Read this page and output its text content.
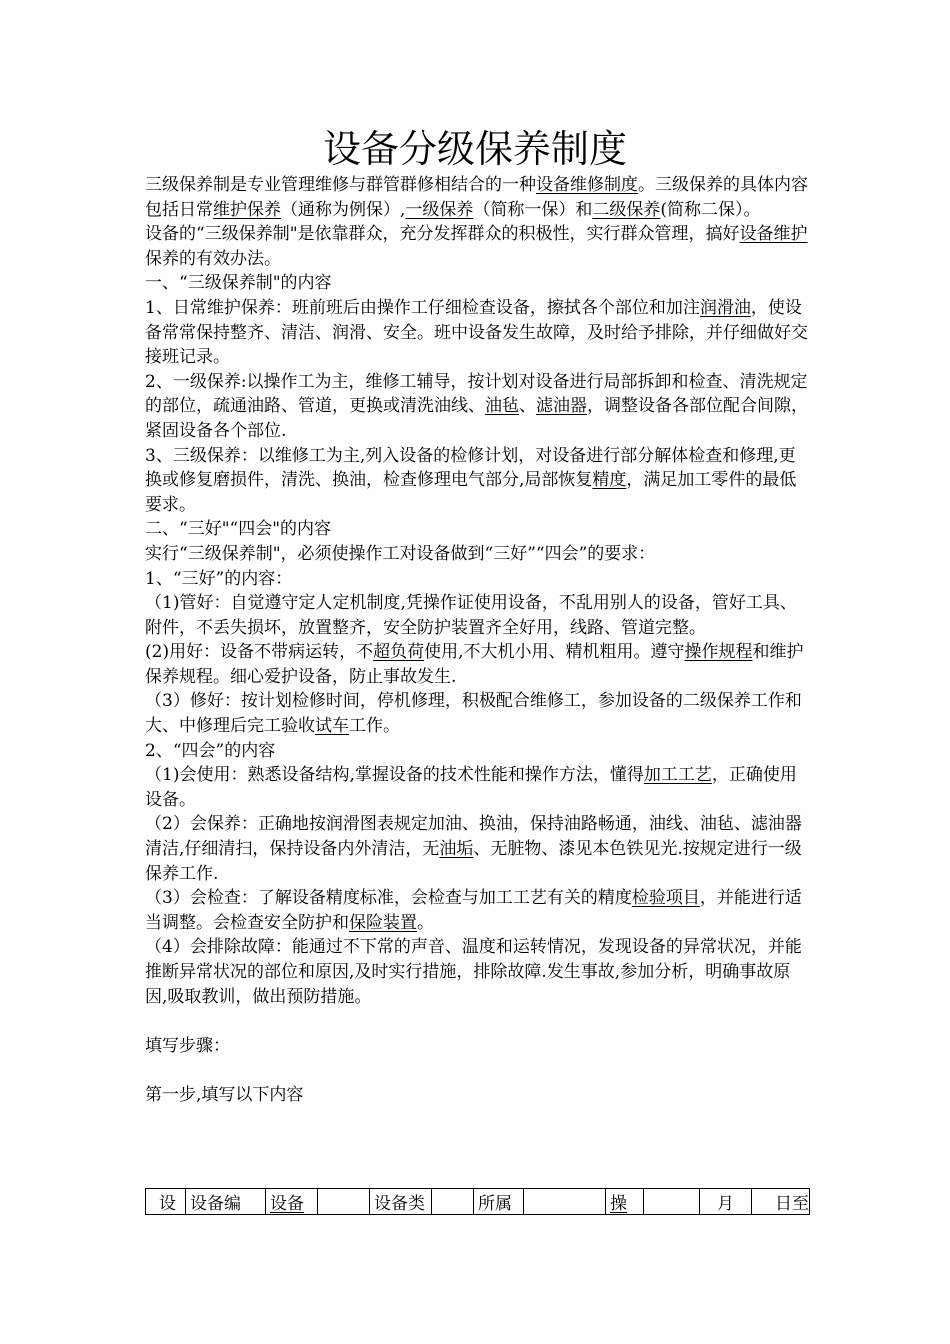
设备分级保养制度

三级保养制是专业管理维修与群管群修相结合的一种设备维修制度。三级保养的具体内容包括日常维护保养（通称为例保）,一级保养（简称一保）和二级保养(简称二保）。

设备的“三级保养制"是依靠群众，充分发挥群众的积极性，实行群众管理，搞好设备维护保养的有效办法。

一、“三级保养制"的内容

1、日常维护保养：班前班后由操作工仔细检查设备，擦拭各个部位和加注润滑油，使设备常常保持整齐、清洁、润滑、安全。班中设备发生故障，及时给予排除，并仔细做好交接班记录。

2、一级保养:以操作工为主，维修工辅导，按计划对设备进行局部拆卸和检查、清洗规定的部位，疏通油路、管道，更换或清洗油线、油毡、滤油器，调整设备各部位配合间隙，紧固设备各个部位.

3、三级保养：以维修工为主,列入设备的检修计划，对设备进行部分解体检查和修理,更换或修复磨损件，清洗、换油，检查修理电气部分,局部恢复精度，满足加工零件的最低要求。

二、“三好"“四会"的内容

实行“三级保养制"，必须使操作工对设备做到“三好”“四会”的要求：

1、“三好”的内容：

（1)管好：自觉遵守定人定机制度,凭操作证使用设备，不乱用别人的设备，管好工具、附件，不丢失损坏，放置整齐，安全防护装置齐全好用，线路、管道完整。

(2)用好：设备不带病运转，不超负荷使用,不大机小用、精机粗用。遵守操作规程和维护保养规程。细心爱护设备，防止事故发生.

（3）修好：按计划检修时间，停机修理，积极配合维修工，参加设备的二级保养工作和大、中修理后完工验收试车工作。

2、“四会”的内容

（1)会使用：熟悉设备结构,掌握设备的技术性能和操作方法，懂得加工工艺，正确使用设备。

（2）会保养：正确地按润滑图表规定加油、换油，保持油路畅通，油线、油毡、滤油器清洁,仔细清扫，保持设备内外清洁，无油垢、无脏物、漆见本色铁见光.按规定进行一级保养工作.

（3）会检查：了解设备精度标准，会检查与加工工艺有关的精度检验项目，并能进行适当调整。会检查安全防护和保险装置。

（4）会排除故障：能通过不下常的声音、温度和运转情况，发现设备的异常状况，并能推断异常状况的部位和原因,及时实行措施，排除故障.发生事故,参加分析，明确事故原因,吸取教训，做出预防措施。

填写步骤：

第一步,填写以下内容

设	设备编	设备		设备类		所属		操		月	日至
